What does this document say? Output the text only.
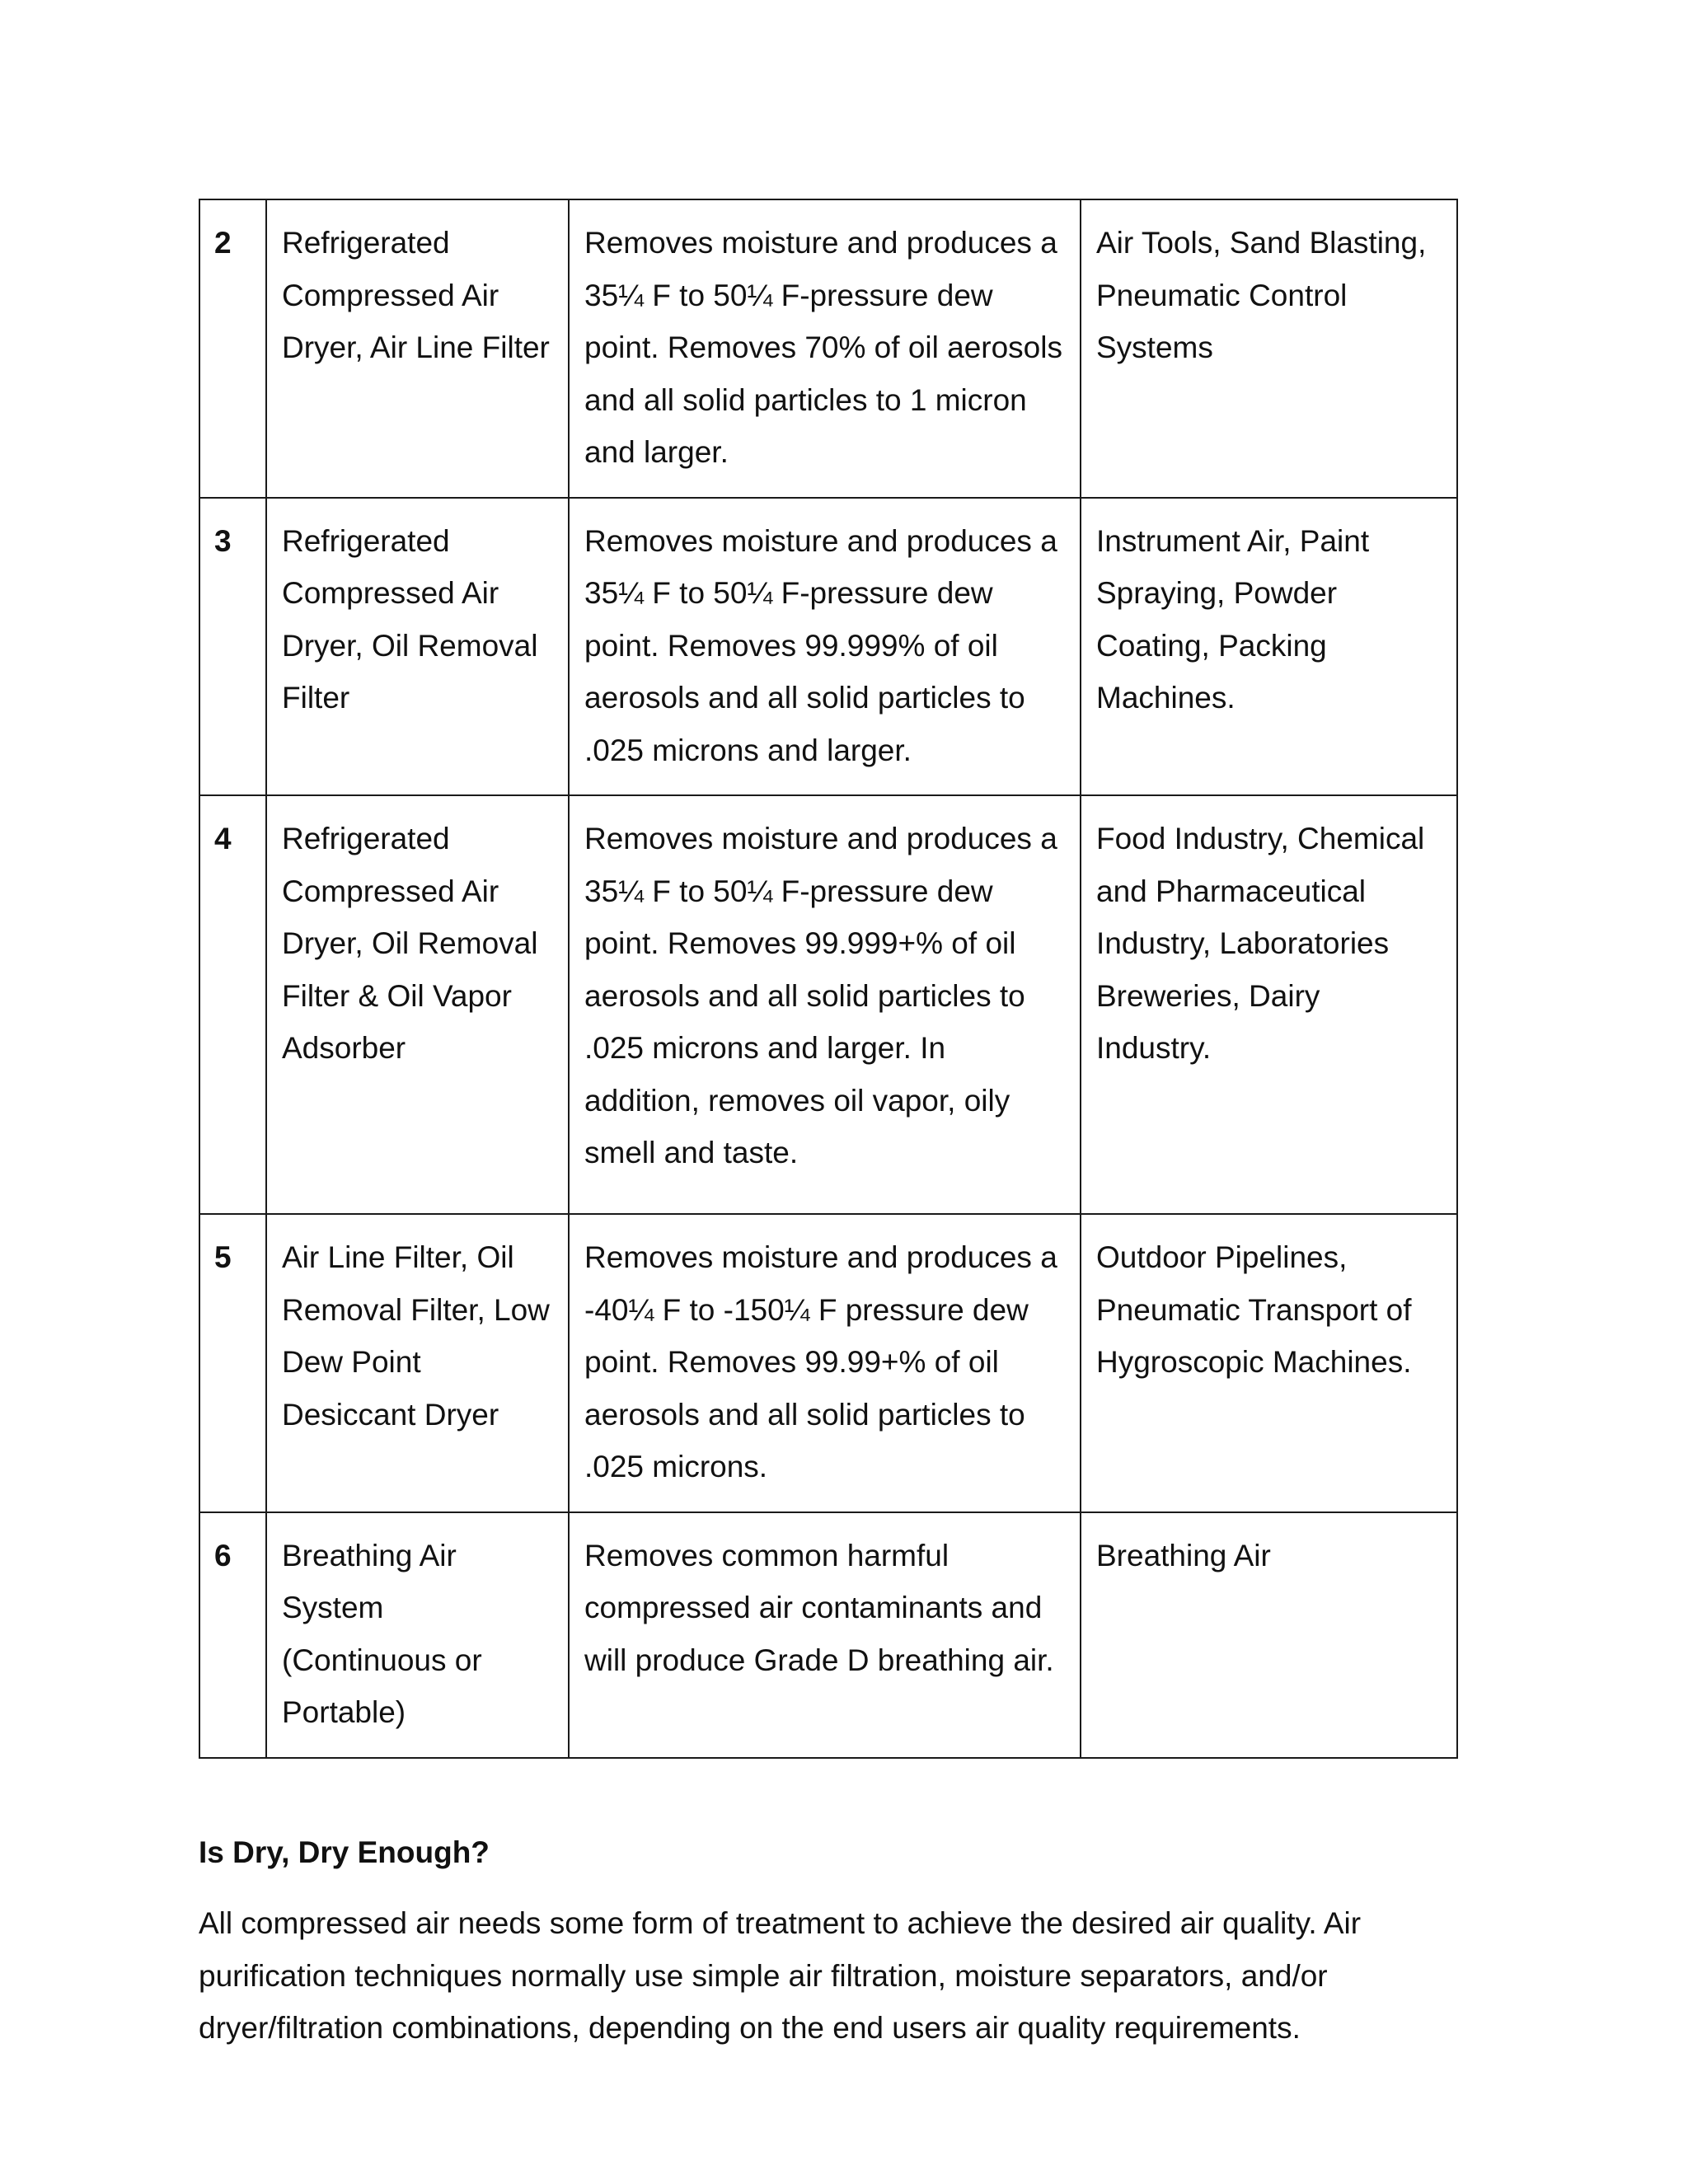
2	Refrigerated Compressed Air Dryer, Air Line Filter	Removes moisture and produces a 35¼ F to 50¼ F-pressure dew point. Removes 70% of oil aerosols and all solid particles to 1 micron and larger.	Air Tools, Sand Blasting, Pneumatic Control Systems
3	Refrigerated Compressed Air Dryer, Oil Removal Filter	Removes moisture and produces a 35¼ F to 50¼ F-pressure dew point. Removes 99.999% of oil aerosols and all solid particles to .025 microns and larger.	Instrument Air, Paint Spraying, Powder Coating, Packing Machines.
4	Refrigerated Compressed Air Dryer, Oil Removal Filter & Oil Vapor Adsorber	Removes moisture and produces a 35¼ F to 50¼ F-pressure dew point. Removes 99.999+% of oil aerosols and all solid particles to .025 microns and larger. In addition, removes oil vapor, oily smell and taste.	Food Industry, Chemical and Pharmaceutical Industry, Laboratories Breweries, Dairy Industry.
5	Air Line Filter, Oil Removal Filter, Low Dew Point Desiccant Dryer	Removes moisture and produces a -40¼ F to -150¼ F pressure dew point. Removes 99.99+% of oil aerosols and all solid particles to .025 microns.	Outdoor Pipelines, Pneumatic Transport of Hygroscopic Machines.
6	Breathing Air System (Continuous or Portable)	Removes common harmful compressed air contaminants and will produce Grade D breathing air.	Breathing Air
Is Dry, Dry Enough?

All compressed air needs some form of treatment to achieve the desired air quality. Air purification techniques normally use simple air filtration, moisture separators, and/or dryer/filtration combinations, depending on the end users air quality requirements.
